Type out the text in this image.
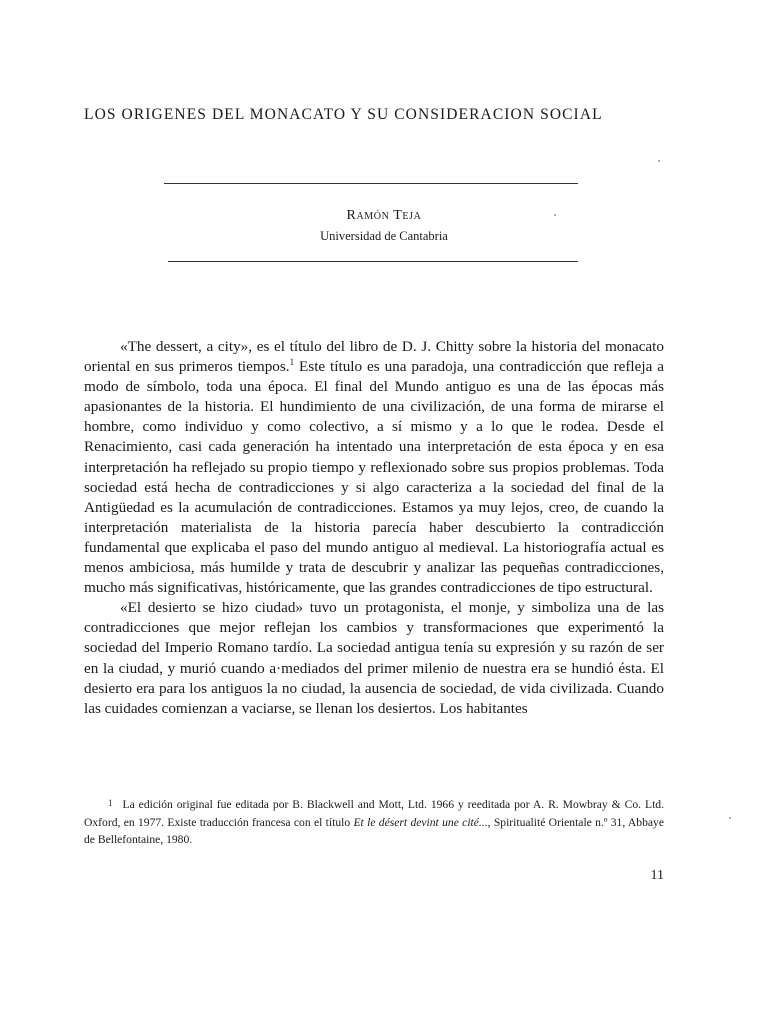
LOS ORIGENES DEL MONACATO Y SU CONSIDERACION SOCIAL
Ramón Teja
Universidad de Cantabria

«The dessert, a city», es el título del libro de D. J. Chitty sobre la historia del monacato oriental en sus primeros tiempos.$^1$ Este título es una paradoja, una contradicción que refleja a modo de símbolo, toda una época. El final del Mundo antiguo es una de las épocas más apasionantes de la historia. El hundimiento de una civilización, de una forma de mirarse el hombre, como individuo y como colectivo, a sí mismo y a lo que le rodea. Desde el Renacimiento, casi cada generación ha intentado una interpretación de esta época y en esa interpretación ha reflejado su propio tiempo y reflexionado sobre sus propios problemas. Toda sociedad está hecha de contradicciones y si algo caracteriza a la sociedad del final de la Antigüedad es la acumulación de contradicciones. Estamos ya muy lejos, creo, de cuando la interpretación materialista de la historia parecía haber descubierto la contradicción fundamental que explicaba el paso del mundo antiguo al medieval. La historiografía actual es menos ambiciosa, más humilde y trata de descubrir y analizar las pequeñas contradicciones, mucho más significativas, históricamente, que las grandes contradicciones de tipo estructural.

«El desierto se hizo ciudad» tuvo un protagonista, el monje, y simboliza una de las contradicciones que mejor reflejan los cambios y transformaciones que experimentó la sociedad del Imperio Romano tardío. La sociedad antigua tenía su expresión y su razón de ser en la ciudad, y murió cuando a·mediados del primer milenio de nuestra era se hundió ésta. El desierto era para los antiguos la no ciudad, la ausencia de sociedad, de vida civilizada. Cuando las cuidades comienzan a vaciarse, se llenan los desiertos. Los habitantes

1 La edición original fue editada por B. Blackwell and Mott, Ltd. 1966 y reeditada por A. R. Mowbray & Co. Ltd. Oxford, en 1977. Existe traducción francesa con el título Et le désert devint une cité..., Spiritualité Orientale n.º 31, Abbaye de Bellefontaine, 1980.

11
